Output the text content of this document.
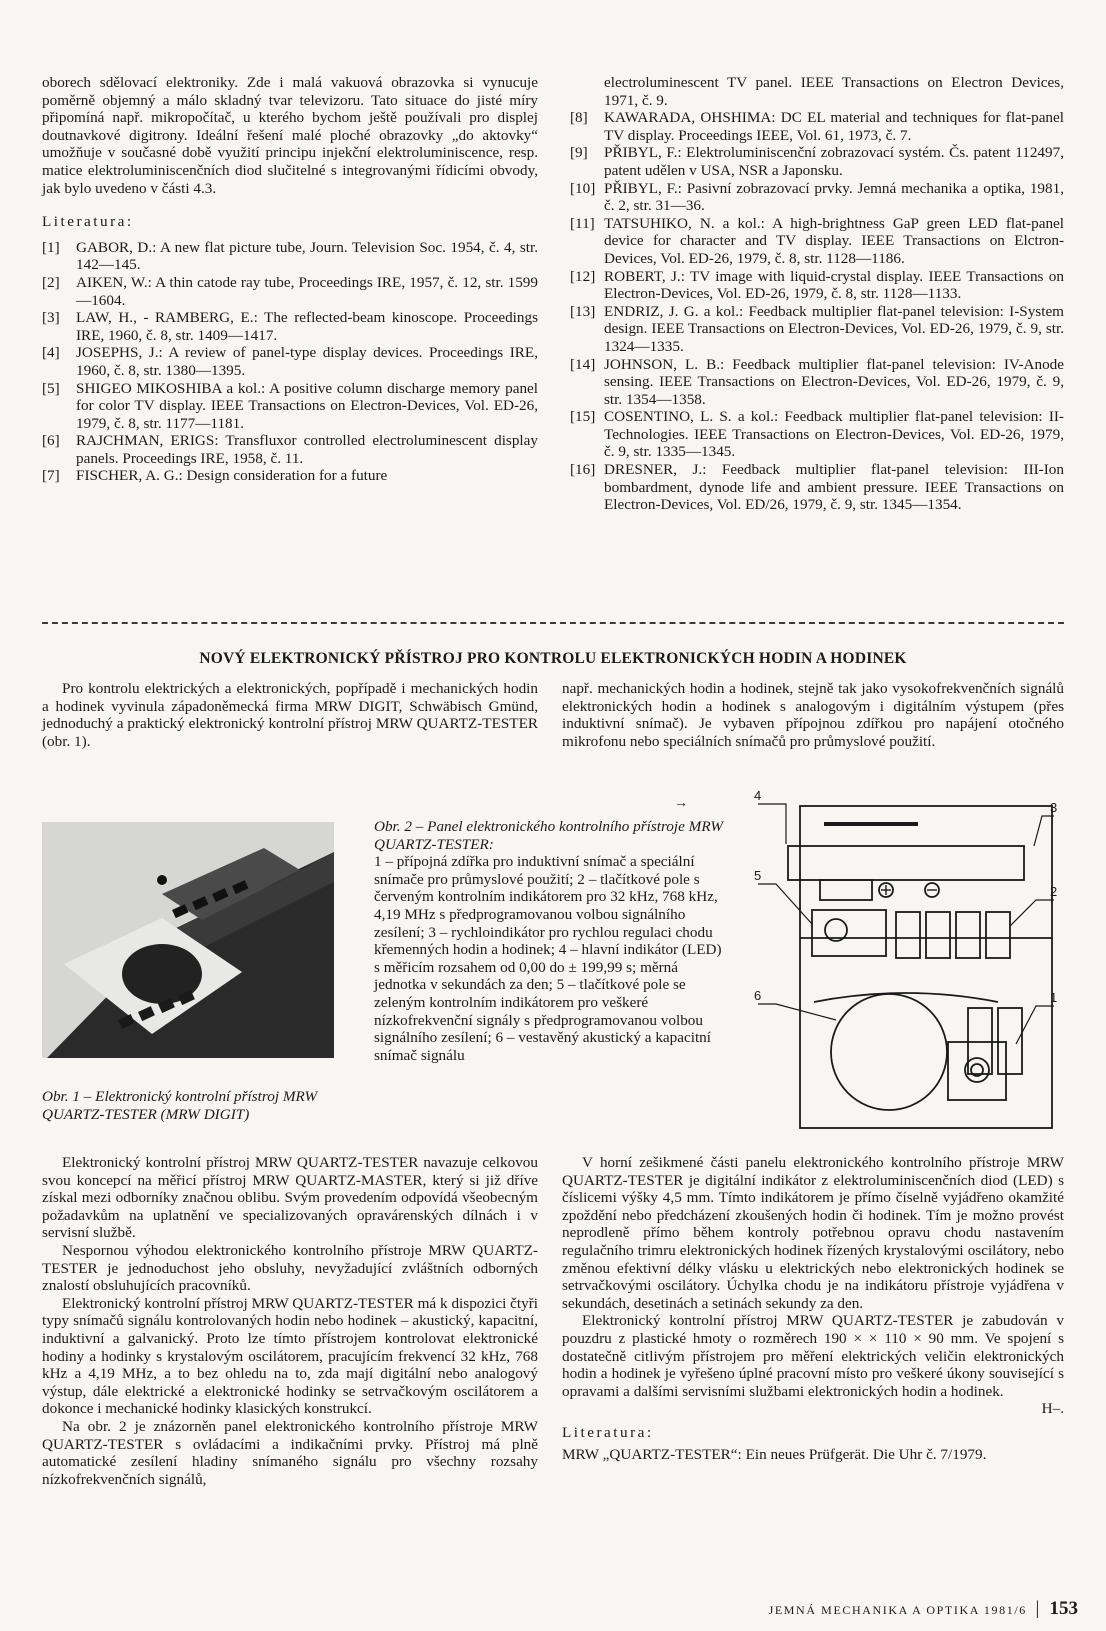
oborech sdělovací elektroniky. Zde i malá vakuová obrazovka si vynucuje poměrně objemný a málo skladný tvar televizoru. Tato situace do jisté míry připomíná např. mikropočítač, u kterého bychom ještě používali pro displej doutnavkové digitrony. Ideální řešení malé ploché obrazovky „do aktovky“ umožňuje v současné době využití principu injekční elektroluminiscence, resp. matice elektroluminiscenčních diod slučitelné s integrovanými řídicími obvody, jak bylo uvedeno v části 4.3.

Literatura:
[1]	GABOR, D.: A new flat picture tube, Journ. Television Soc. 1954, č. 4, str. 142—145.
[2]	AIKEN, W.: A thin catode ray tube, Proceedings IRE, 1957, č. 12, str. 1599—1604.
[3]	LAW, H., - RAMBERG, E.: The reflected-beam kinoscope. Proceedings IRE, 1960, č. 8, str. 1409—1417.
[4]	JOSEPHS, J.: A review of panel-type display devices. Proceedings IRE, 1960, č. 8, str. 1380—1395.
[5]	SHIGEO MIKOSHIBA a kol.: A positive column discharge memory panel for color TV display. IEEE Transactions on Electron-Devices, Vol. ED-26, 1979, č. 8, str. 1177—1181.
[6]	RAJCHMAN, ERIGS: Transfluxor controlled electroluminescent display panels. Proceedings IRE, 1958, č. 11.
[7]	FISCHER, A. G.: Design consideration for a future
electroluminescent TV panel. IEEE Transactions on Electron Devices, 1971, č. 9.
[8]	KAWARADA, OHSHIMA: DC EL material and techniques for flat-panel TV display. Proceedings IEEE, Vol. 61, 1973, č. 7.
[9]	PŘIBYL, F.: Elektroluminiscenční zobrazovací systém. Čs. patent 112497, patent udělen v USA, NSR a Japonsku.
[10] PŘIBYL, F.: Pasivní zobrazovací prvky. Jemná mechanika a optika, 1981, č. 2, str. 31—36.
[11] TATSUHIKO, N. a kol.: A high-brightness GaP green LED flat-panel device for character and TV display. IEEE Transactions on Elctron-Devices, Vol. ED-26, 1979, č. 8, str. 1128—1186.
[12] ROBERT, J.: TV image with liquid-crystal display. IEEE Transactions on Electron-Devices, Vol. ED-26, 1979, č. 8, str. 1128—1133.
[13] ENDRIZ, J. G. a kol.: Feedback multiplier flat-panel television: I-System design. IEEE Transactions on Electron-Devices, Vol. ED-26, 1979, č. 9, str. 1324—1335.
[14] JOHNSON, L. B.: Feedback multiplier flat-panel television: IV-Anode sensing. IEEE Transactions on Electron-Devices, Vol. ED-26, 1979, č. 9, str. 1354—1358.
[15] COSENTINO, L. S. a kol.: Feedback multiplier flat-panel television: II-Technologies. IEEE Transactions on Electron-Devices, Vol. ED-26, 1979, č. 9, str. 1335—1345.
[16] DRESNER, J.: Feedback multiplier flat-panel television: III-Ion bombardment, dynode life and ambient pressure. IEEE Transactions on Electron-Devices, Vol. ED/26, 1979, č. 9, str. 1345—1354.
NOVÝ ELEKTRONICKÝ PŘÍSTROJ PRO KONTROLU ELEKTRONICKÝCH HODIN A HODINEK

Pro kontrolu elektrických a elektronických, popřípadě i mechanických hodin a hodinek vyvinula západoněmecká firma MRW DIGIT, Schwäbisch Gmünd, jednoduchý a praktický elektronický kontrolní přístroj MRW QUARTZ-TESTER (obr. 1).

např. mechanických hodin a hodinek, stejně tak jako vysokofrekvenčních signálů elektronických hodin a hodinek s analogovým i digitálním výstupem (přes induktivní snímač). Je vybaven přípojnou zdířkou pro napájení otočného mikrofonu nebo speciálních snímačů pro průmyslové použití.

Obr. 1 – Elektronický kontrolní přístroj MRW QUARTZ-TESTER (MRW DIGIT)
Obr. 2 – Panel elektronického kontrolního přístroje MRW QUARTZ-TESTER:
1 – přípojná zdířka pro induktivní snímač a speciální snímače pro průmyslové použití; 2 – tlačítkové pole s červeným kontrolním indikátorem pro 32 kHz, 768 kHz, 4,19 MHz s předprogramovanou volbou signálního zesílení; 3 – rychloindikátor pro rychlou regulaci chodu křemenných hodin a hodinek; 4 – hlavní indikátor (LED) s měřicím rozsahem od 0,00 do ± 199,99 s; měrná jednotka v sekundách za den; 5 – tlačítkové pole se zeleným kontrolním indikátorem pro veškeré nízkofrekvenční signály s předprogramovanou volbou signálního zesílení; 6 – vestavěný akustický a kapacitní snímač signálu
→
4
3
2
5
6	1

Elektronický kontrolní přístroj MRW QUARTZ-TESTER navazuje celkovou svou koncepcí na měřicí přístroj MRW QUARTZ-MASTER, který si již dříve získal mezi odborníky značnou oblibu. Svým provedením odpovídá všeobecným požadavkům na uplatnění ve specializovaných opravárenských dílnách i v servisní službě.

Nespornou výhodou elektronického kontrolního přístroje MRW QUARTZ-TESTER je jednoduchost jeho obsluhy, nevyžadující zvláštních odborných znalostí obsluhujících pracovníků.

Elektronický kontrolní přístroj MRW QUARTZ-TESTER má k dispozici čtyři typy snímačů signálu kontrolovaných hodin nebo hodinek – akustický, kapacitní, induktivní a galvanický. Proto lze tímto přístrojem kontrolovat elektronické hodiny a hodinky s krystalovým oscilátorem, pracujícím frekvencí 32 kHz, 768 kHz a 4,19 MHz, a to bez ohledu na to, zda mají digitální nebo analogový výstup, dále elektrické a elektronické hodinky se setrvačkovým oscilátorem a dokonce i mechanické hodinky klasických konstrukcí.

Na obr. 2 je znázorněn panel elektronického kontrolního přístroje MRW QUARTZ-TESTER s ovládacími a indikačními prvky. Přístroj má plně automatické zesílení hladiny snímaného signálu pro všechny rozsahy nízkofrekvenčních signálů,

V horní zešikmené části panelu elektronického kontrolního přístroje MRW QUARTZ-TESTER je digitální indikátor z elektroluminiscenčních diod (LED) s číslicemi výšky 4,5 mm. Tímto indikátorem je přímo číselně vyjádřeno okamžité zpoždění nebo předcházení zkoušených hodin či hodinek. Tím je možno provést neprodleně přímo během kontroly potřebnou opravu chodu nastavením regulačního trimru elektronických hodinek řízených krystalovými oscilátory, nebo změnou efektivní délky vlásku u elektrických nebo elektronických hodinek se setrvačkovými oscilátory. Úchylka chodu je na indikátoru přístroje vyjádřena v sekundách, desetinách a setinách sekundy za den.

Elektronický kontrolní přístroj MRW QUARTZ-TESTER je zabudován v pouzdru z plastické hmoty o rozměrech 190 × × 110 × 90 mm. Ve spojení s dostatečně citlivým přístrojem pro měření elektrických veličin elektronických hodin a hodinek je vyřešeno úplné pracovní místo pro veškeré úkony související s opravami a dalšími servisními službami elektronických hodin a hodinek.

H–.
Literatura:

MRW „QUARTZ-TESTER“: Ein neues Prüfgerät. Die Uhr č. 7/1979.

JEMNÁ MECHANIKA A OPTIKA 1981/6 | 153
